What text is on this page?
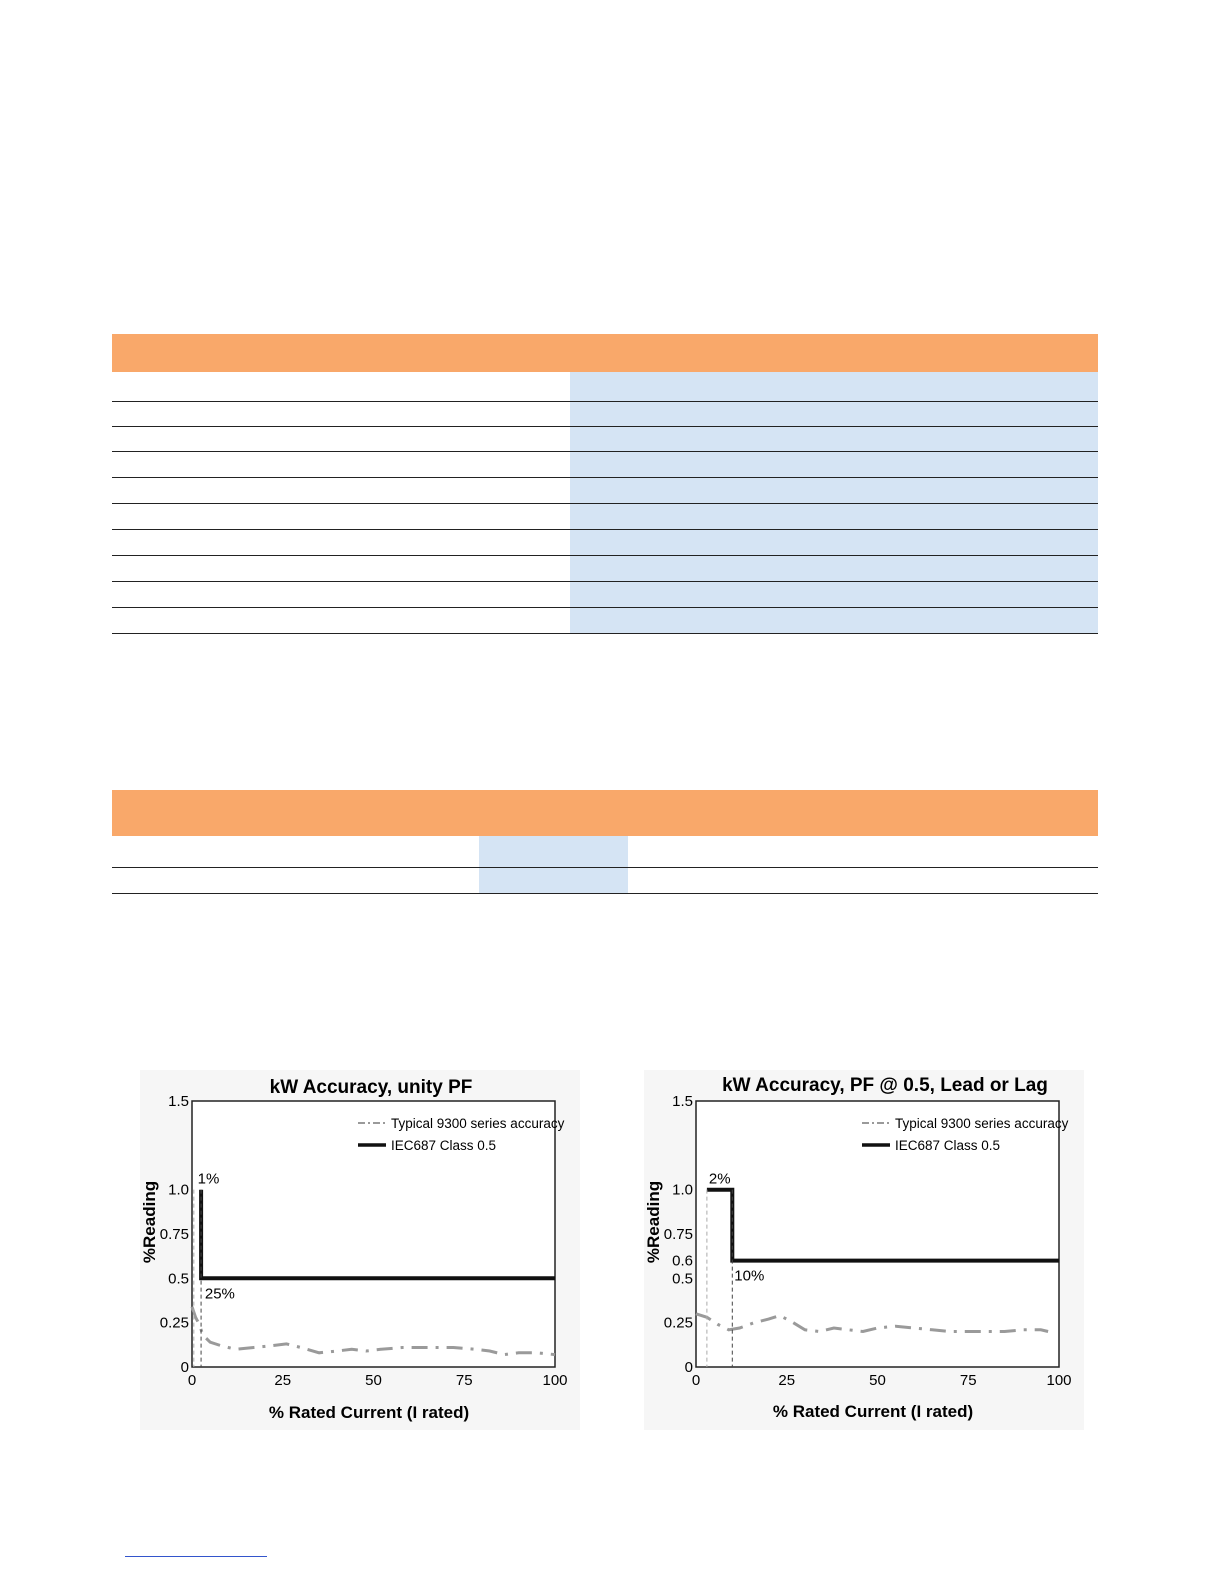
kW Accuracy, unity PF
0	25	50	75	100
0
0.25
0.5
0.75
1.0
1.5
1%
25%
Typical 9300 series accuracy
IEC687 Class 0.5
% Rated Current (I rated)
%Reading
kW Accuracy, PF @ 0.5, Lead or Lag
0	25	50	75	100
0
0.25
0.5
0.6
0.75
1.0
1.5
2%
10%
Typical 9300 series accuracy
IEC687 Class 0.5
% Rated Current (I rated)
%Reading
